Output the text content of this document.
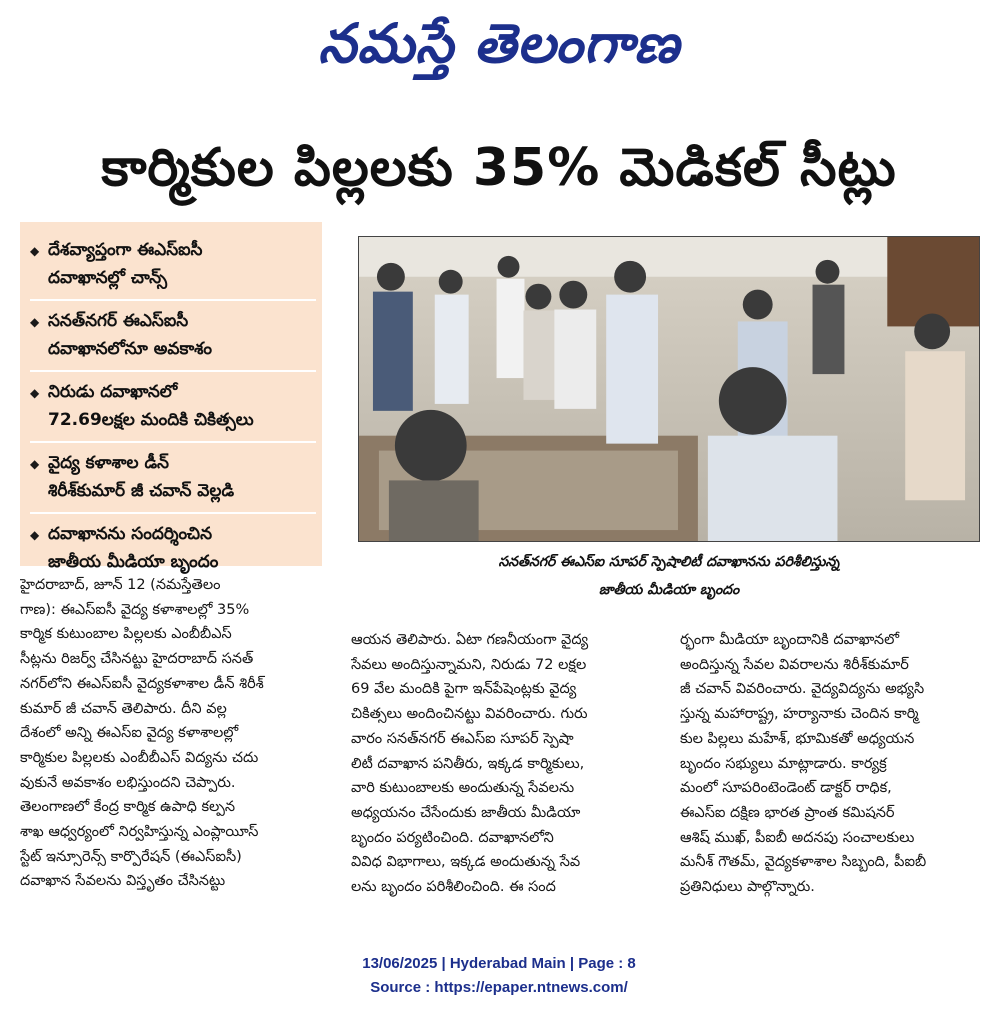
నమస్తే తెలంగాణ
కార్మికుల పిల్లలకు 35% మెడికల్ సీట్లు
◆
దేశవ్యాప్తంగా ఈఎస్ఐసీ
దవాఖానల్లో చాన్స్
◆
సనత్‌నగర్ ఈఎస్ఐసీ
దవాఖానలోనూ అవకాశం
◆
నిరుడు దవాఖానలో
72.69లక్షల మందికి చికిత్సలు
◆
వైద్య కళాశాల డీన్
శిరీశ్‌కుమార్ జీ చవాన్ వెల్లడి
◆
దవాఖానను సందర్శించిన
జాతీయ మీడియా బృందం	సనత్‌నగర్ ఈఎస్ఐ సూపర్ స్పెషాలిటీ దవాఖానను పరిశీలిస్తున్న
జాతీయ మీడియా బృందం
హైదరాబాద్, జూన్ 12 (నమస్తేతెలం
గాణ): ఈఎస్ఐసీ వైద్య కళాశాలల్లో 35%
కార్మిక కుటుంబాల పిల్లలకు ఎంబీబీఎస్
సీట్లను రిజర్వ్ చేసినట్టు హైదరాబాద్ సనత్
నగర్‌లోని ఈఎస్ఐసీ వైద్యకళాశాల డీన్ శిరీశ్
కుమార్ జీ చవాన్ తెలిపారు. దీని వల్ల
దేశంలో అన్ని ఈఎస్ఐ వైద్య కళాశాలల్లో
కార్మికుల పిల్లలకు ఎంబీబీఎస్ విద్యను చదు
వుకునే అవకాశం లభిస్తుందని చెప్పారు.
తెలంగాణలో కేంద్ర కార్మిక ఉపాధి కల్పన
శాఖ ఆధ్వర్యంలో నిర్వహిస్తున్న ఎంప్లాయీస్
స్టేట్ ఇన్సూరెన్స్ కార్పొరేషన్ (ఈఎస్ఐసీ)
దవాఖాన సేవలను విస్తృతం చేసినట్టు
ఆయన తెలిపారు. ఏటా గణనీయంగా వైద్య
సేవలు అందిస్తున్నామని, నిరుడు 72 లక్షల
69 వేల మందికి పైగా ఇన్‌పేషెంట్లకు వైద్య
చికిత్సలు అందించినట్టు వివరించారు. గురు
వారం సనత్‌నగర్ ఈఎస్ఐ సూపర్ స్పెషా
లిటీ దవాఖాన పనితీరు, ఇక్కడ కార్మికులు,
వారి కుటుంబాలకు అందుతున్న సేవలను
అధ్యయనం చేసేందుకు జాతీయ మీడియా
బృందం పర్యటించింది. దవాఖానలోని
వివిధ విభాగాలు, ఇక్కడ అందుతున్న సేవ
లను బృందం పరిశీలించింది. ఈ సంద
ర్భంగా మీడియా బృందానికి దవాఖానలో
అందిస్తున్న సేవల వివరాలను శిరీశ్‌కుమార్
జీ చవాన్ వివరించారు. వైద్యవిద్యను అభ్యసి
స్తున్న మహారాష్ట్ర, హర్యానాకు చెందిన కార్మి
కుల పిల్లలు మహేశ్, భూమికతో అధ్యయన
బృందం సభ్యులు మాట్లాడారు. కార్యక్ర
మంలో సూపరింటెండెంట్ డాక్టర్ రాధిక,
ఈఎస్ఐ దక్షిణ భారత ప్రాంత కమిషనర్
ఆశిష్ ముఖ్, పీఐబీ అదనపు సంచాలకులు
మనీశ్ గౌతమ్, వైద్యకళాశాల సిబ్బంది, పీఐబీ
ప్రతినిధులు పాల్గొన్నారు.
13/06/2025 | Hyderabad Main | Page : 8
Source : https://epaper.ntnews.com/
